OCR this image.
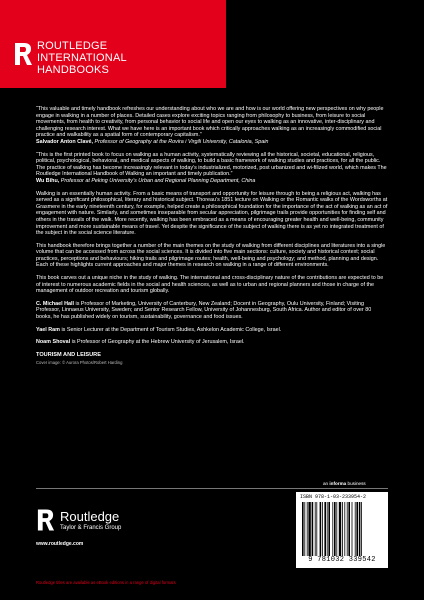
ROUTLEDGE
INTERNATIONAL
HANDBOOKS

“This valuable and timely handbook refreshes our understanding about who we are and how is our world offering new perspectives on why people engage in walking in a number of places. Detailed cases explore exciting topics ranging from philosophy to business, from leisure to social movements, from health to creativity, from personal behavior to social life and open our eyes to walking as an innovative, inter-disciplinary and challenging research interest. What we have here is an important book which critically approaches walking as an increasingly commodified social practice and walkability as a spatial form of contemporary capitalism.”
Salvador Anton Clavé, Professor of Geography at the Rovira i Virgili University, Catalonia, Spain

“This is the first printed book to focus on walking as a human activity, systematically reviewing all the historical, societal, educational, religious, political, psychological, behavioral, and medical aspects of walking, to build a basic framework of walking studies and practices, for all the public. The practice of walking has become increasingly relevant in today’s industrialized, motorized, post urbanized and wi-filized world, which makes The Routledge International Handbook of Walking an important and timely publication.”
Wu Bihu, Professor at Peking University’s Urban and Regional Planning Department, China

Walking is an essentially human activity. From a basic means of transport and opportunity for leisure through to being a religious act, walking has served as a significant philosophical, literary and historical subject. Thoreau’s 1851 lecture on Walking or the Romantic walks of the Wordsworths at Grasmere in the early nineteenth century, for example, helped create a philosophical foundation for the importance of the act of walking as an act of engagement with nature. Similarly, and sometimes inseparable from secular appreciation, pilgrimage trails provide opportunities for finding self and others in the travails of the walk. More recently, walking has been embraced as a means of encouraging greater health and well-being, community improvement and more sustainable means of travel. Yet despite the significance of the subject of walking there is as yet no integrated treatment of the subject in the social science literature.

This handbook therefore brings together a number of the main themes on the study of walking from different disciplines and literatures into a single volume that can be accessed from across the social sciences. It is divided into five main sections: culture, society and historical context; social practices, perceptions and behaviours; hiking trails and pilgrimage routes; health, well-being and psychology; and method, planning and design. Each of these highlights current approaches and major themes in research on walking in a range of different environments.

This book carves out a unique niche in the study of walking. The international and cross-disciplinary nature of the contributions are expected to be of interest to numerous academic fields in the social and health sciences, as well as to urban and regional planners and those in charge of the management of outdoor recreation and tourism globally.

C. Michael Hall is Professor of Marketing, University of Canterbury, New Zealand; Docent in Geography, Oulu University, Finland; Visiting Professor, Linnaeus University, Sweden; and Senior Research Fellow, University of Johannesburg, South Africa. Author and editor of over 80 books, he has published widely on tourism, sustainability, governance and food issues.

Yael Ram is Senior Lecturer at the Department of Tourism Studies, Ashkelon Academic College, Israel.

Noam Shoval is Professor of Geography at the Hebrew University of Jerusalem, Israel.

TOURISM AND LEISURE
Cover image: © Aurora Photos/Robert Harding
an informa business
Routledge
Taylor & Francis Group
www.routledge.com
Routledge titles are available as eBook editions in a range of digital formats
ISBN 978-1-03-233954-2
9 781032 339542
